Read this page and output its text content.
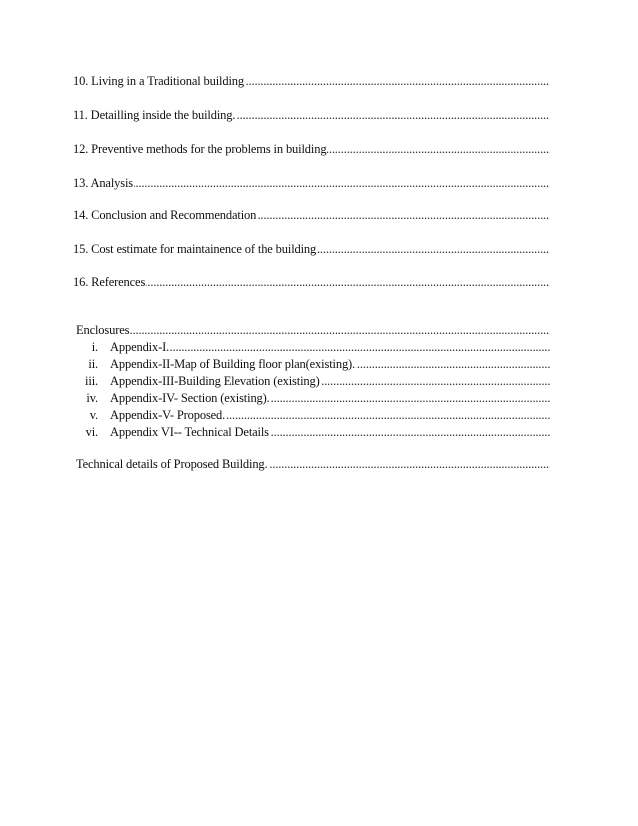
.....
10. Living in a Traditional building
.....
11. Detailling inside the building.
.....
12. Preventive methods for the problems in building
.....
13. Analysis
.....
14. Conclusion and Recommendation
.....
15. Cost estimate for maintainence of the building
.....
16. References
.....
Enclosures
i. ..... Appendix-I.
ii. ..... Appendix-II-Map of Building floor plan(existing).
iii. ..... Appendix-III-Building Elevation (existing)
iv. ..... Appendix-IV- Section (existing).
v. ..... Appendix-V- Proposed.
vi. ..... Appendix VI-- Technical Details
.....
Technical details of Proposed Building.
